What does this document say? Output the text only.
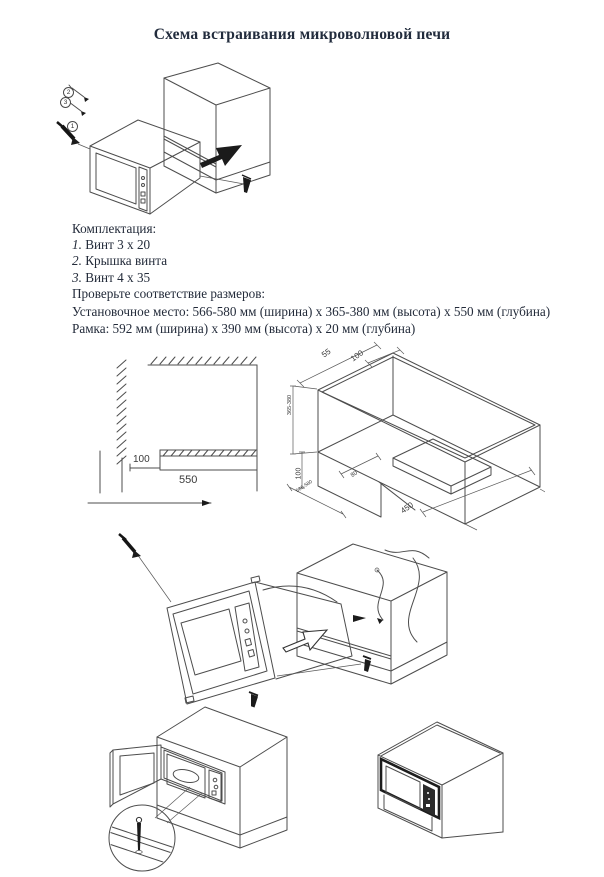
Схема встраивания микроволновой печи
2
3
1
Комплектация:
1. Винт 3 x 20
2. Крышка винта
3. Винт 4 x 35
Проверьте соответствие размеров:
Установочное место: 566-580 мм (ширина) x 365-380 мм (высота) x 550 мм (глубина)
Рамка: 592 мм (ширина) x 390 мм (высота) x 20 мм (глубина)
100
550
55 100
365-380
100	80
566-580
450
